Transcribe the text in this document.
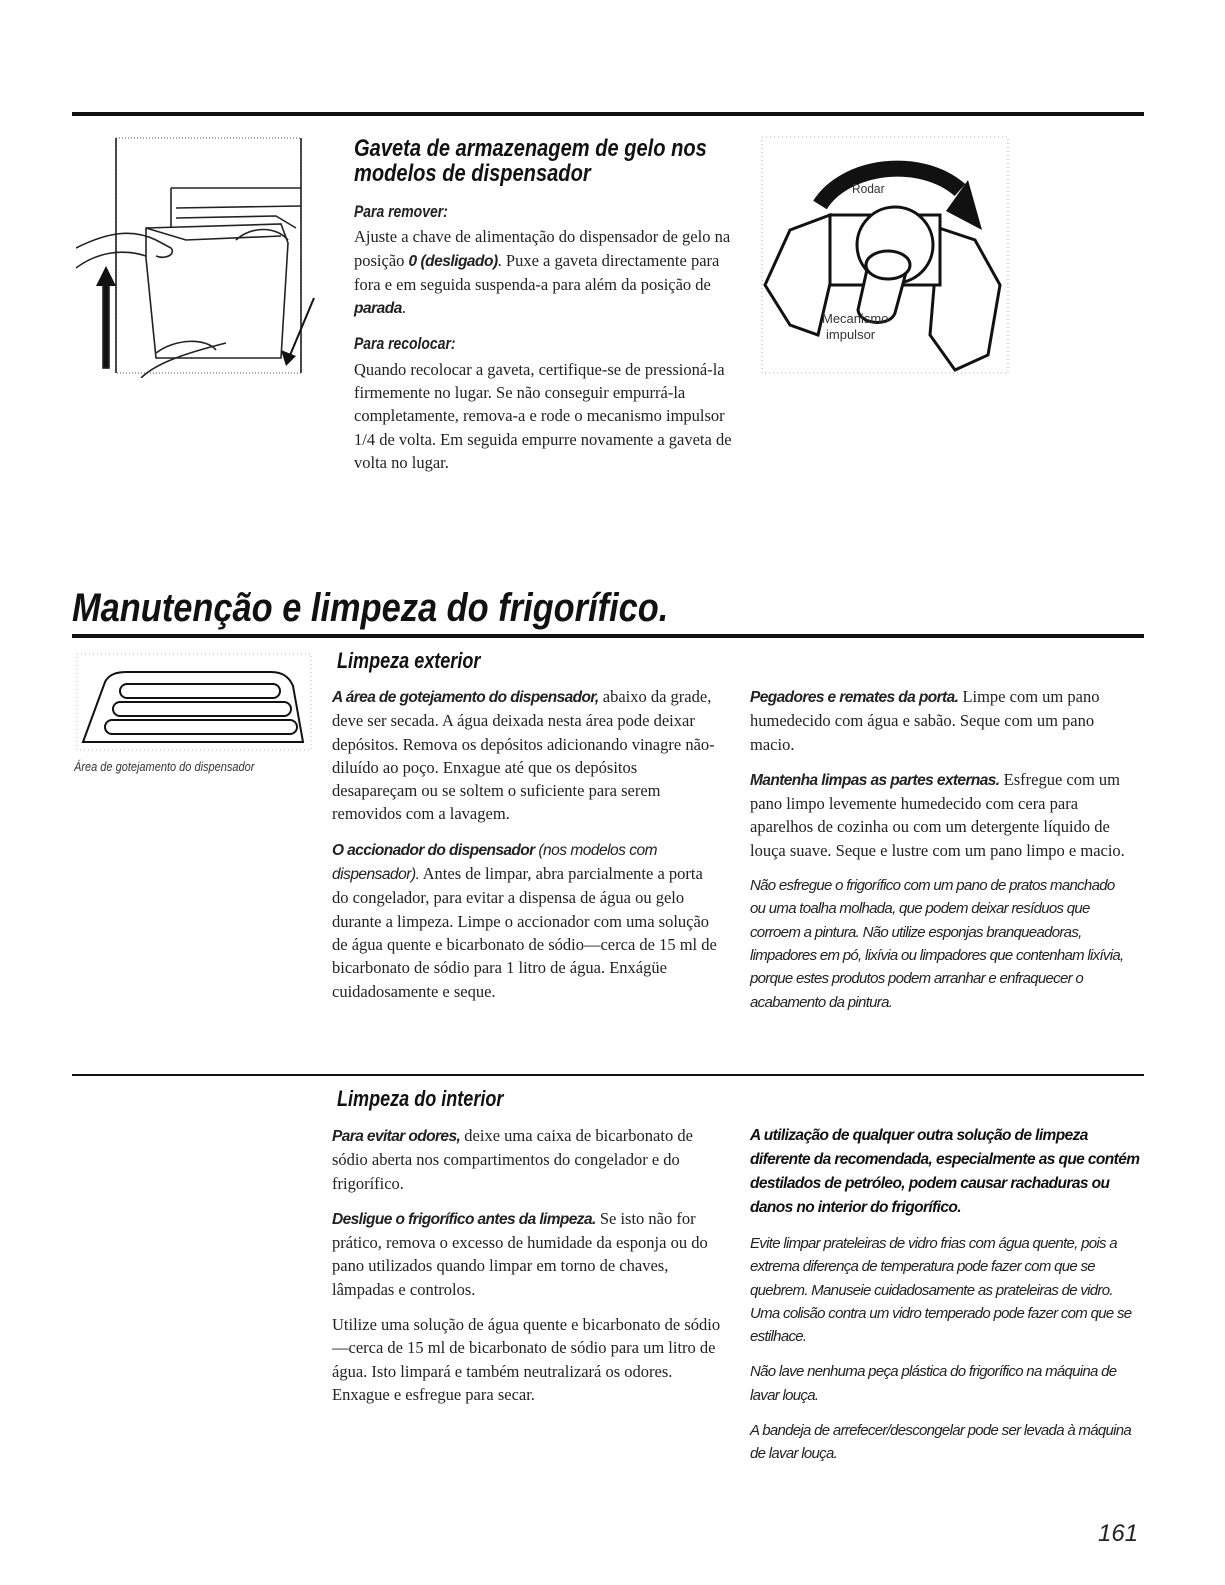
Gaveta de armazenagem de gelo nos
modelos de dispensador
Para remover:

Ajuste a chave de alimentação do dispensador de gelo na posição 0 (desligado). Puxe a gaveta directamente para fora e em seguida suspenda-a para além da posição de parada.

Para recolocar:

Quando recolocar a gaveta, certifique-se de pressioná-la firmemente no lugar. Se não conseguir empurrá-la completamente, remova-a e rode o mecanismo impulsor 1/4 de volta. Em seguida empurre novamente a gaveta de volta no lugar.

Rodar
Mecanismo
impulsor
Manutenção e limpeza do frigorífico.
Limpeza exterior
Área de gotejamento do dispensador

A área de gotejamento do dispensador, abaixo da grade, deve ser secada. A água deixada nesta área pode deixar depósitos. Remova os depósitos adicionando vinagre não-diluído ao poço. Enxague até que os depósitos desapareçam ou se soltem o suficiente para serem removidos com a lavagem.

O accionador do dispensador (nos modelos com dispensador). Antes de limpar, abra parcialmente a porta do congelador, para evitar a dispensa de água ou gelo durante a limpeza. Limpe o accionador com uma solução de água quente e bicarbonato de sódio—cerca de 15 ml de bicarbonato de sódio para 1 litro de água. Enxágüe cuidadosamente e seque.

Pegadores e remates da porta. Limpe com um pano humedecido com água e sabão. Seque com um pano macio.

Mantenha limpas as partes externas. Esfregue com um pano limpo levemente humedecido com cera para aparelhos de cozinha ou com um detergente líquido de louça suave. Seque e lustre com um pano limpo e macio.

Não esfregue o frigorífico com um pano de pratos manchado ou uma toalha molhada, que podem deixar resíduos que corroem a pintura. Não utilize esponjas branqueadoras, limpadores em pó, lixívia ou limpadores que contenham lixívia, porque estes produtos podem arranhar e enfraquecer o acabamento da pintura.

Limpeza do interior

Para evitar odores, deixe uma caixa de bicarbonato de sódio aberta nos compartimentos do congelador e do frigorífico.

Desligue o frigorífico antes da limpeza. Se isto não for prático, remova o excesso de humidade da esponja ou do pano utilizados quando limpar em torno de chaves, lâmpadas e controlos.

Utilize uma solução de água quente e bicarbonato de sódio—cerca de 15 ml de bicarbonato de sódio para um litro de água. Isto limpará e também neutralizará os odores. Enxague e esfregue para secar.

A utilização de qualquer outra solução de limpeza diferente da recomendada, especialmente as que contém destilados de petróleo, podem causar rachaduras ou danos no interior do frigorífico.

Evite limpar prateleiras de vidro frias com água quente, pois a extrema diferença de temperatura pode fazer com que se quebrem. Manuseie cuidadosamente as prateleiras de vidro. Uma colisão contra um vidro temperado pode fazer com que se estilhace.

Não lave nenhuma peça plástica do frigorífico na máquina de lavar louça.

A bandeja de arrefecer/descongelar pode ser levada à máquina de lavar louça.

161
